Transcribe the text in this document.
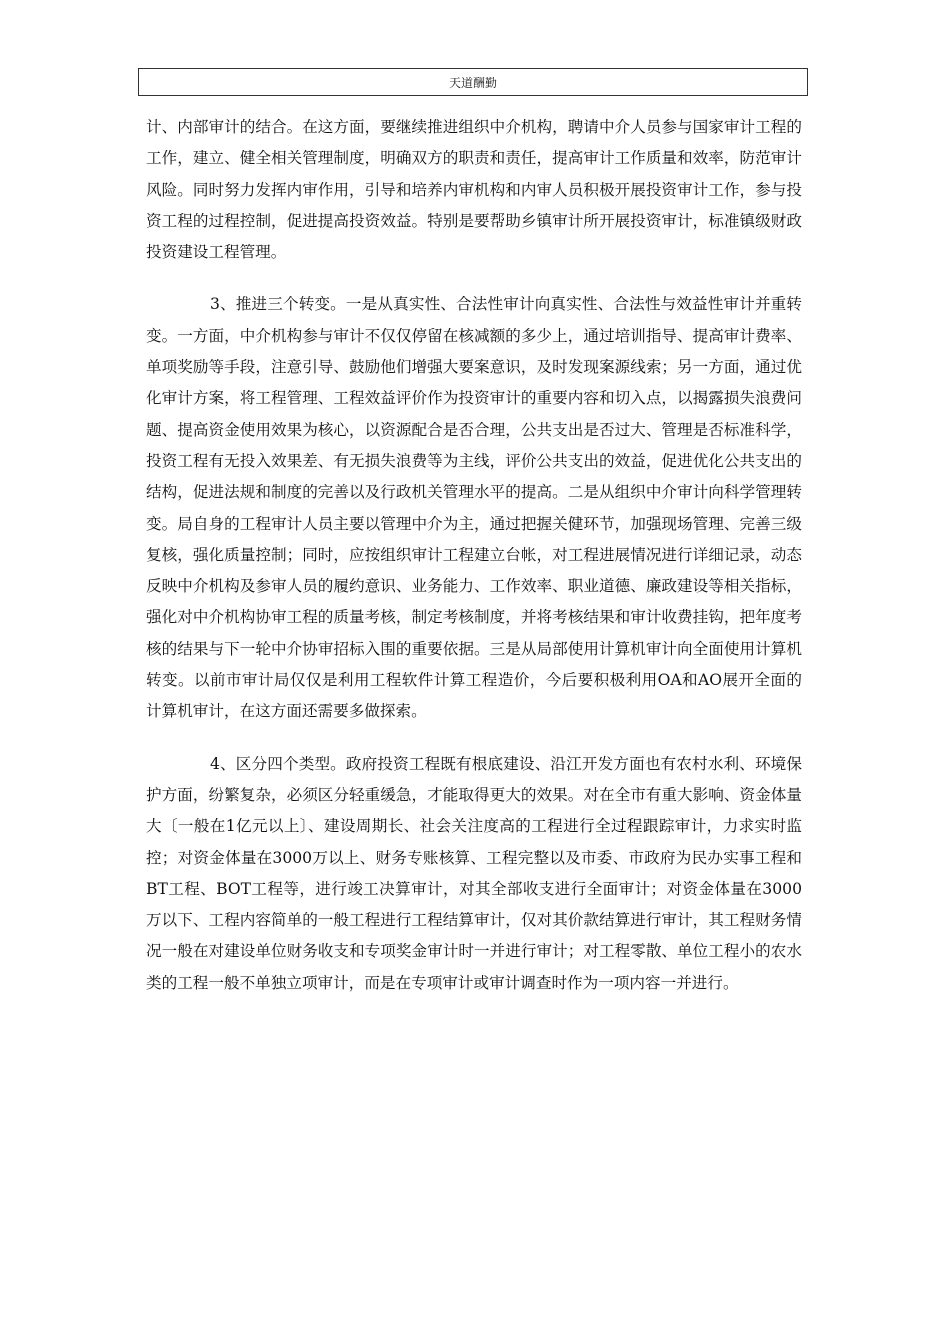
天道酬勤

计、内部审计的结合。在这方面，要继续推进组织中介机构，聘请中介人员参与国家审计工程的工作，建立、健全相关管理制度，明确双方的职责和责任，提高审计工作质量和效率，防范审计风险。同时努力发挥内审作用，引导和培养内审机构和内审人员积极开展投资审计工作，参与投资工程的过程控制，促进提高投资效益。特别是要帮助乡镇审计所开展投资审计，标准镇级财政投资建设工程管理。

3、推进三个转变。一是从真实性、合法性审计向真实性、合法性与效益性审计并重转变。一方面，中介机构参与审计不仅仅停留在核减额的多少上，通过培训指导、提高审计费率、单项奖励等手段，注意引导、鼓励他们增强大要案意识，及时发现案源线索；另一方面，通过优化审计方案，将工程管理、工程效益评价作为投资审计的重要内容和切入点，以揭露损失浪费问题、提高资金使用效果为核心，以资源配合是否合理，公共支出是否过大、管理是否标准科学，投资工程有无投入效果差、有无损失浪费等为主线，评价公共支出的效益，促进优化公共支出的结构，促进法规和制度的完善以及行政机关管理水平的提高。二是从组织中介审计向科学管理转变。局自身的工程审计人员主要以管理中介为主，通过把握关健环节，加强现场管理、完善三级复核，强化质量控制；同时，应按组织审计工程建立台帐，对工程进展情况进行详细记录，动态反映中介机构及参审人员的履约意识、业务能力、工作效率、职业道德、廉政建设等相关指标，强化对中介机构协审工程的质量考核，制定考核制度，并将考核结果和审计收费挂钩，把年度考核的结果与下一轮中介协审招标入围的重要依据。三是从局部使用计算机审计向全面使用计算机转变。以前市审计局仅仅是利用工程软件计算工程造价，今后要积极利用OA和AO展开全面的计算机审计，在这方面还需要多做探索。

4、区分四个类型。政府投资工程既有根底建设、沿江开发方面也有农村水利、环境保护方面，纷繁复杂，必须区分轻重缓急，才能取得更大的效果。对在全市有重大影响、资金体量大〔一般在1亿元以上〕、建设周期长、社会关注度高的工程进行全过程跟踪审计，力求实时监控；对资金体量在3000万以上、财务专账核算、工程完整以及市委、市政府为民办实事工程和BT工程、BOT工程等，进行竣工决算审计，对其全部收支进行全面审计；对资金体量在3000万以下、工程内容简单的一般工程进行工程结算审计，仅对其价款结算进行审计，其工程财务情况一般在对建设单位财务收支和专项奖金审计时一并进行审计；对工程零散、单位工程小的农水类的工程一般不单独立项审计，而是在专项审计或审计调查时作为一项内容一并进行。
